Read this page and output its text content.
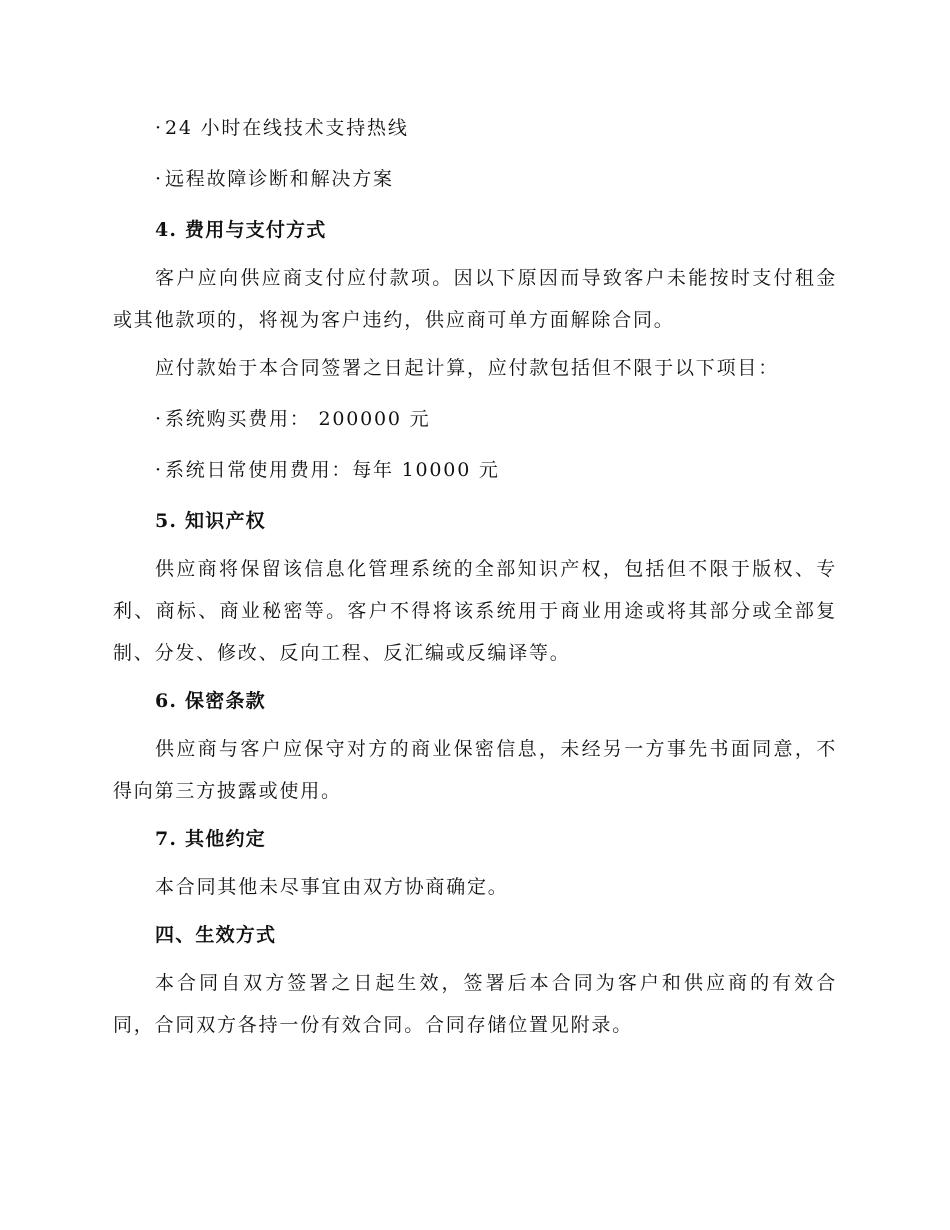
· 24 小时在线技术支持热线

· 远程故障诊断和解决方案

4. 费用与支付方式

客户应向供应商支付应付款项。因以下原因而导致客户未能按时支付租金或其他款项的，将视为客户违约，供应商可单方面解除合同。

应付款始于本合同签署之日起计算，应付款包括但不限于以下项目：

· 系统购买费用： 200000 元

· 系统日常使用费用：每年 10000 元

5. 知识产权

供应商将保留该信息化管理系统的全部知识产权，包括但不限于版权、专利、商标、商业秘密等。客户不得将该系统用于商业用途或将其部分或全部复制、分发、修改、反向工程、反汇编或反编译等。

6. 保密条款

供应商与客户应保守对方的商业保密信息，未经另一方事先书面同意，不得向第三方披露或使用。

7. 其他约定

本合同其他未尽事宜由双方协商确定。

四、生效方式

本合同自双方签署之日起生效，签署后本合同为客户和供应商的有效合同，合同双方各持一份有效合同。合同存储位置见附录。
